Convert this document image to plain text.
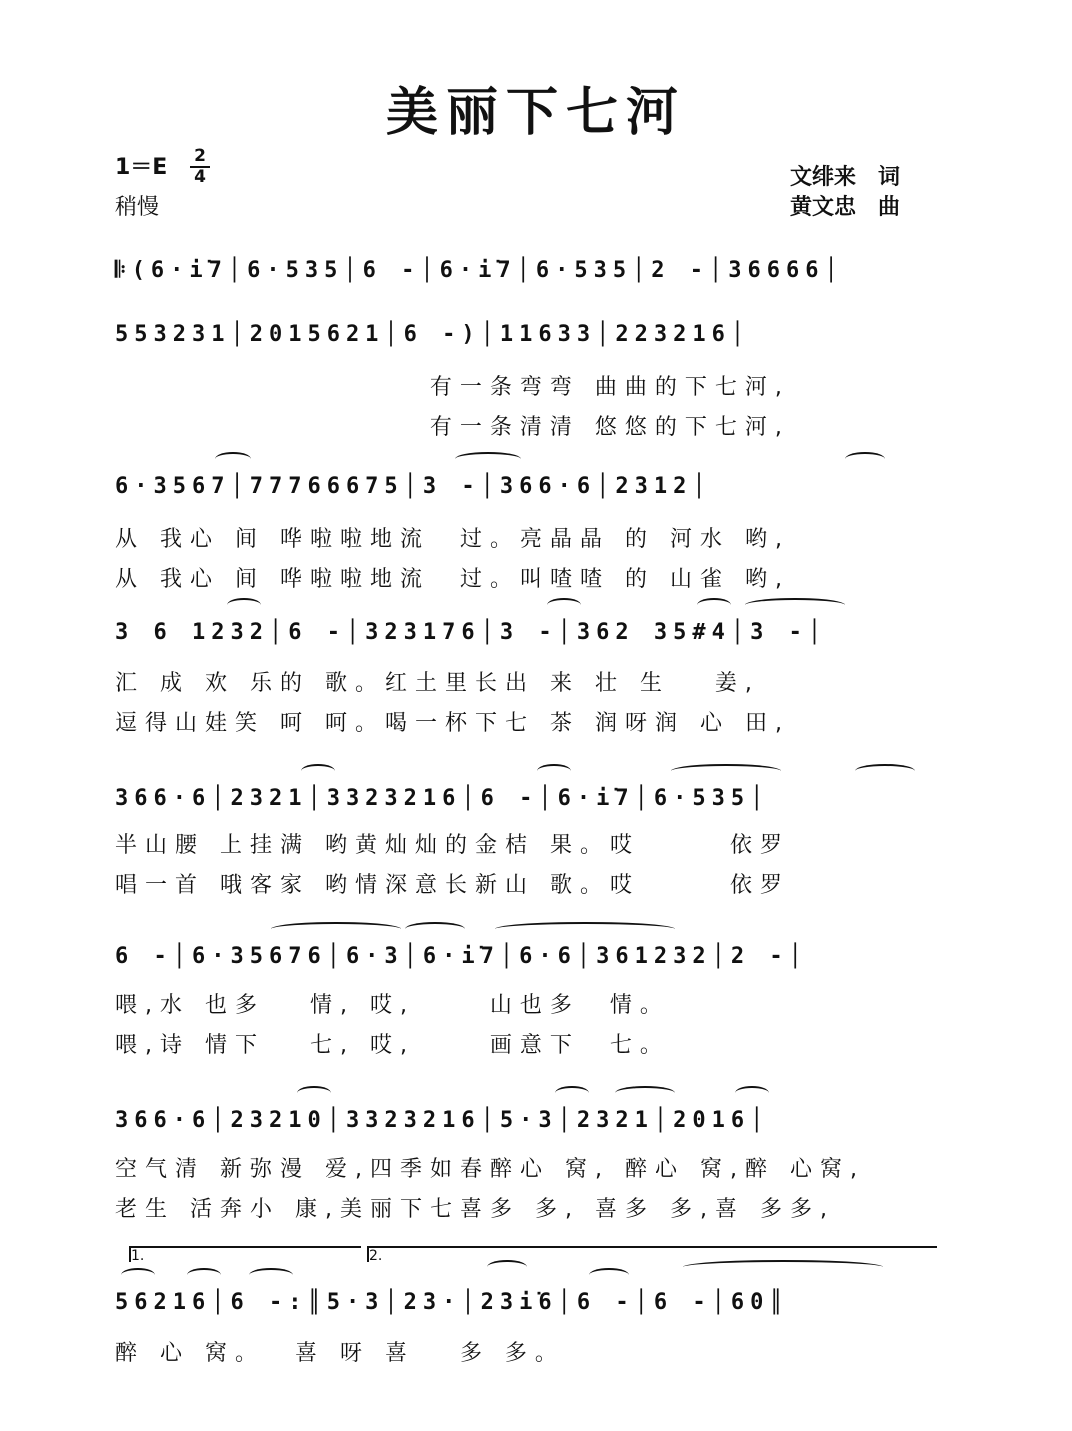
美丽下七河
1＝E 2
4
稍慢
文绯来　词
黄文忠　曲
𝄆(6·i̇7│6·535│6 -│6·i̇7│6·535│2 -│36666│
553231│2015621│6 -)│11633│223216│
有一条弯弯 曲曲的下七河,
有一条清清 悠悠的下七河,
6·3567│77766675│3 -│366·6│2312│
从 我心 间 哗啦啦地流  过。亮晶晶 的 河水 哟,
从 我心 间 哗啦啦地流  过。叫喳喳 的 山雀 哟,
3 6 1232│6 -│323176│3 -│362 35#4│3 -│
汇 成 欢 乐的 歌。红土里长出 来 壮 生   姜,
逗得山娃笑 呵 呵。喝一杯下七 茶 润呀润 心 田,
366·6│2321│3323216│6 -│6·i̇7│6·535│
半山腰 上挂满 哟黄灿灿的金桔 果。哎      依罗
唱一首 哦客家 哟情深意长新山 歌。哎      依罗
6 -│6·35676│6·3│6·i̇7│6·6│361232│2 -│
喂,水 也多   情, 哎,     山也多  情。
喂,诗 情下   七, 哎,     画意下  七。
366·6│23210│3323216│5·3│2321│2016│
空气清 新弥漫 爱,四季如春醉心 窝, 醉心 窝,醉 心窝,
老生 活奔小 康,美丽下七喜多 多, 喜多 多,喜 多多,
1.	2.
56216│6 -:║5·3│23·│23i̇6│6 -│6 -│60║
醉 心 窝。  喜 呀 喜   多 多。
